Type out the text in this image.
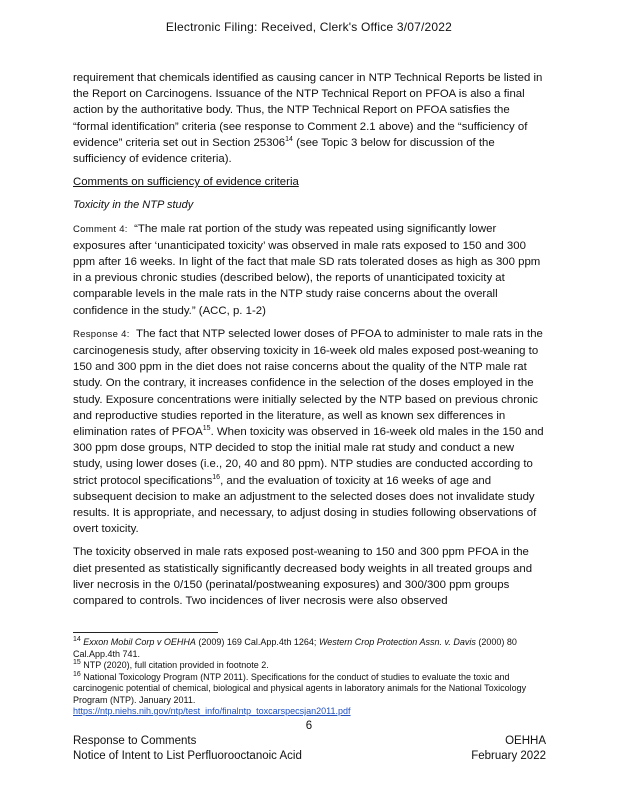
Electronic Filing: Received, Clerk's Office 3/07/2022

requirement that chemicals identified as causing cancer in NTP Technical Reports be listed in the Report on Carcinogens. Issuance of the NTP Technical Report on PFOA is also a final action by the authoritative body. Thus, the NTP Technical Report on PFOA satisfies the “formal identification” criteria (see response to Comment 2.1 above) and the “sufficiency of evidence” criteria set out in Section 25306$^{14}$ (see Topic 3 below for discussion of the sufficiency of evidence criteria).

Comments on sufficiency of evidence criteria
Toxicity in the NTP study

Comment 4: “The male rat portion of the study was repeated using significantly lower exposures after ‘unanticipated toxicity’ was observed in male rats exposed to 150 and 300 ppm after 16 weeks. In light of the fact that male SD rats tolerated doses as high as 300 ppm in a previous chronic studies (described below), the reports of unanticipated toxicity at comparable levels in the male rats in the NTP study raise concerns about the overall confidence in the study.” (ACC, p. 1-2)

Response 4: The fact that NTP selected lower doses of PFOA to administer to male rats in the carcinogenesis study, after observing toxicity in 16-week old males exposed post-weaning to 150 and 300 ppm in the diet does not raise concerns about the quality of the NTP male rat study. On the contrary, it increases confidence in the selection of the doses employed in the study. Exposure concentrations were initially selected by the NTP based on previous chronic and reproductive studies reported in the literature, as well as known sex differences in elimination rates of PFOA$^{15}$. When toxicity was observed in 16-week old males in the 150 and 300 ppm dose groups, NTP decided to stop the initial male rat study and conduct a new study, using lower doses (i.e., 20, 40 and 80 ppm). NTP studies are conducted according to strict protocol specifications$^{16}$, and the evaluation of toxicity at 16 weeks of age and subsequent decision to make an adjustment to the selected doses does not invalidate study results. It is appropriate, and necessary, to adjust dosing in studies following observations of overt toxicity.

The toxicity observed in male rats exposed post-weaning to 150 and 300 ppm PFOA in the diet presented as statistically significantly decreased body weights in all treated groups and liver necrosis in the 0/150 (perinatal/postweaning exposures) and 300/300 ppm groups compared to controls. Two incidences of liver necrosis were also observed

$^{14}$ Exxon Mobil Corp v OEHHA (2009) 169 Cal.App.4th 1264; Western Crop Protection Assn. v. Davis (2000) 80 Cal.App.4th 741.
$^{15}$ NTP (2020), full citation provided in footnote 2.
$^{16}$ National Toxicology Program (NTP 2011). Specifications for the conduct of studies to evaluate the toxic and carcinogenic potential of chemical, biological and physical agents in laboratory animals for the National Toxicology Program (NTP). January 2011.
https://ntp.niehs.nih.gov/ntp/test_info/finalntp_toxcarspecsjan2011.pdf
6
Response to Comments	OEHHA
Notice of Intent to List Perfluorooctanoic Acid	February 2022
